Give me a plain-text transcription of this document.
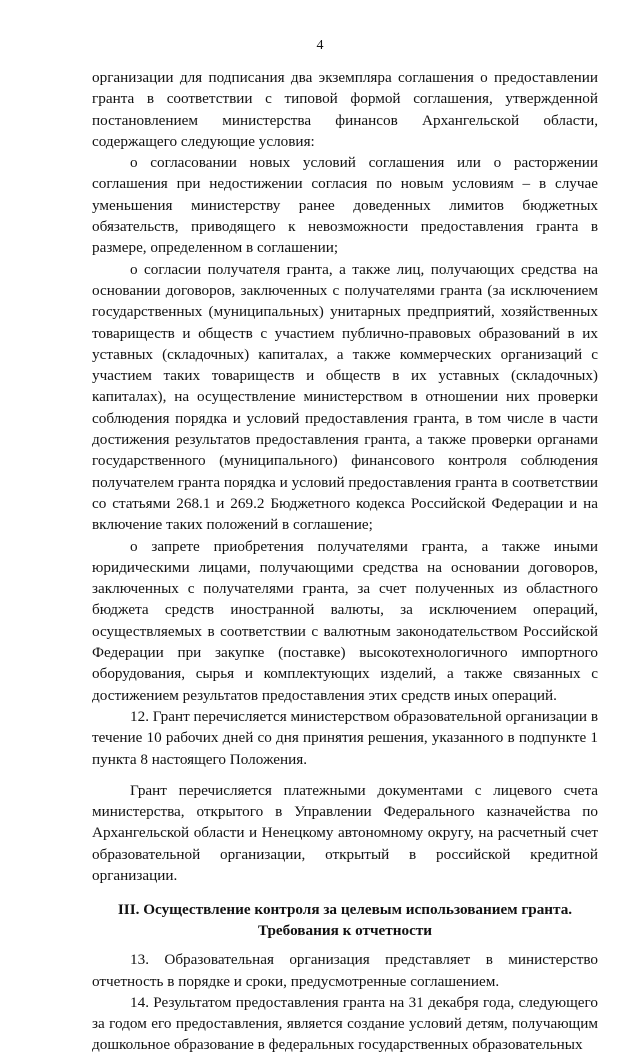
4

организации для подписания два экземпляра соглашения о предоставлении гранта в соответствии с типовой формой соглашения, утвержденной постановлением министерства финансов Архангельской области, содержащего следующие условия:

о согласовании новых условий соглашения или о расторжении соглашения при недостижении согласия по новым условиям – в случае уменьшения министерству ранее доведенных лимитов бюджетных обязательств, приводящего к невозможности предоставления гранта в размере, определенном в соглашении;

о согласии получателя гранта, а также лиц, получающих средства на основании договоров, заключенных с получателями гранта (за исключением государственных (муниципальных) унитарных предприятий, хозяйственных товариществ и обществ с участием публично-правовых образований в их уставных (складочных) капиталах, а также коммерческих организаций с участием таких товариществ и обществ в их уставных (складочных) капиталах), на осуществление министерством в отношении них проверки соблюдения порядка и условий предоставления гранта, в том числе в части достижения результатов предоставления гранта, а также проверки органами государственного (муниципального) финансового контроля соблюдения получателем гранта порядка и условий предоставления гранта в соответствии со статьями 268.1 и 269.2 Бюджетного кодекса Российской Федерации и на включение таких положений в соглашение;

о запрете приобретения получателями гранта, а также иными юридическими лицами, получающими средства на основании договоров, заключенных с получателями гранта, за счет полученных из областного бюджета средств иностранной валюты, за исключением операций, осуществляемых в соответствии с валютным законодательством Российской Федерации при закупке (поставке) высокотехнологичного импортного оборудования, сырья и комплектующих изделий, а также связанных с достижением результатов предоставления этих средств иных операций.

12. Грант перечисляется министерством образовательной организации в течение 10 рабочих дней со дня принятия решения, указанного в подпункте 1 пункта 8 настоящего Положения.

Грант перечисляется платежными документами с лицевого счета министерства, открытого в Управлении Федерального казначейства по Архангельской области и Ненецкому автономному округу, на расчетный счет образовательной организации, открытый в российской кредитной организации.

III. Осуществление контроля за целевым использованием гранта.
Требования к отчетности

13. Образовательная организация представляет в министерство отчетность в порядке и сроки, предусмотренные соглашением.

14. Результатом предоставления гранта на 31 декабря года, следующего за годом его предоставления, является создание условий детям, получающим дошкольное образование в федеральных государственных образовательных
